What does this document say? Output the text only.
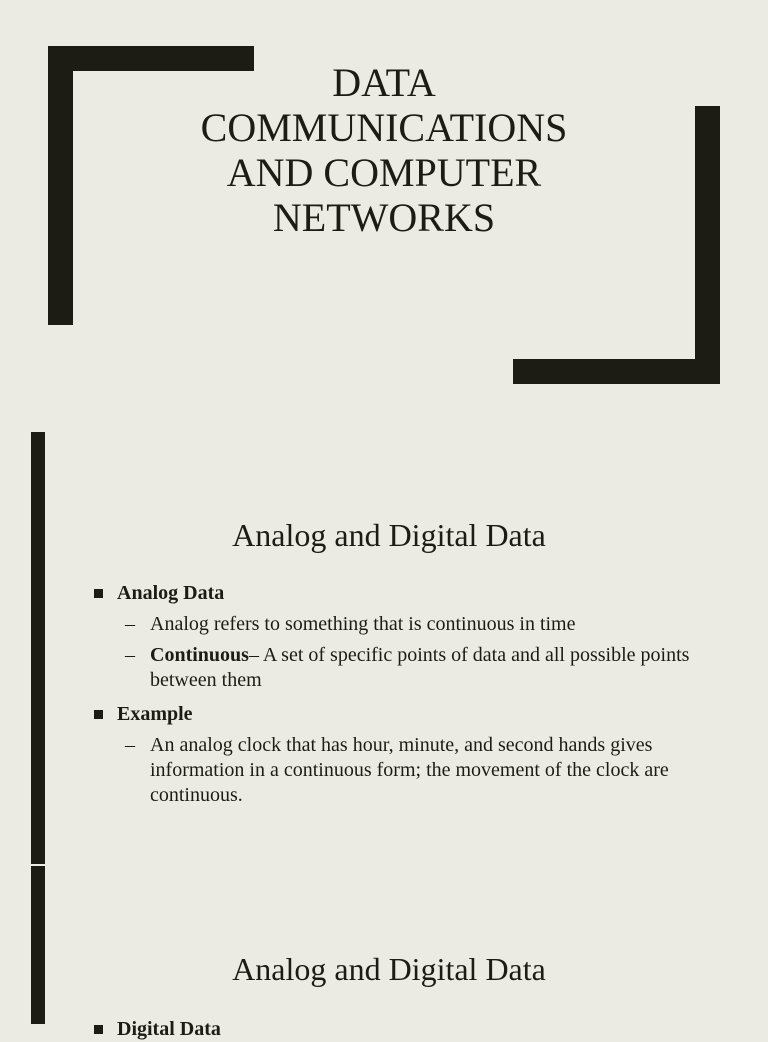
DATA
COMMUNICATIONS
AND COMPUTER
NETWORKS
Analog and Digital Data
Analog Data
– Analog refers to something that is continuous in time
– Continuous– A set of specific points of data and all possible points between them
Example
– An analog clock that has hour, minute, and second hands gives information in a continuous form; the movement of the clock are continuous.
Analog and Digital Data
Digital Data
